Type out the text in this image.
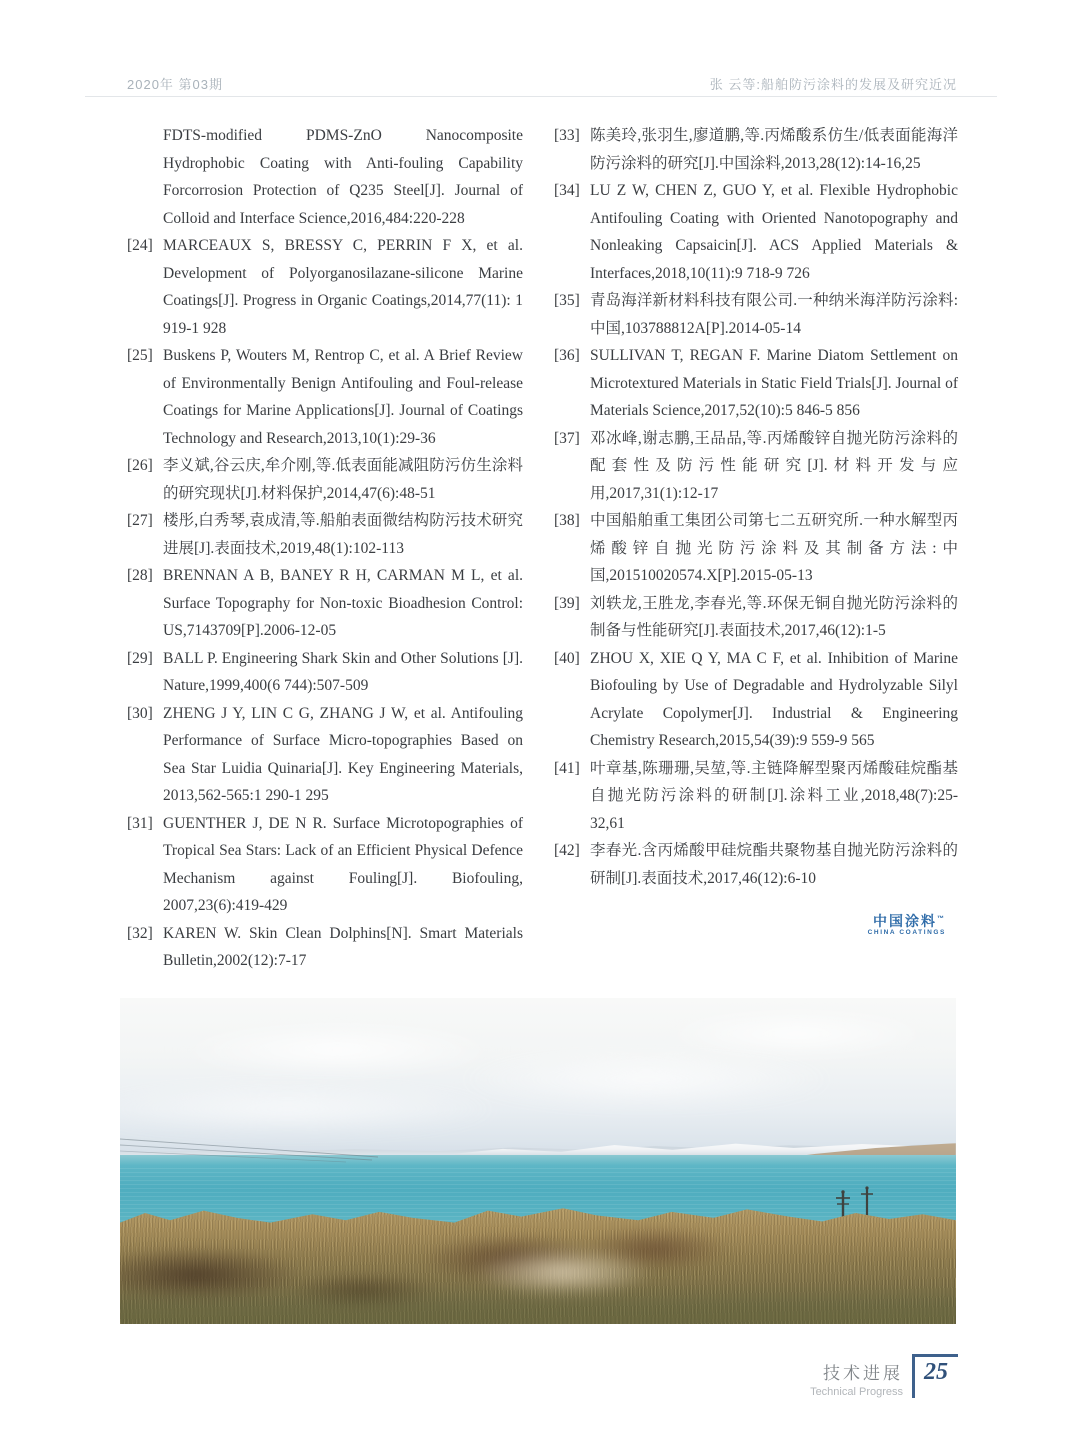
2020年 第03期	张 云等:船舶防污涂料的发展及研究近况
FDTS-modified PDMS-ZnO Nanocomposite Hydrophobic Coating with Anti-fouling Capability Forcorrosion Protection of Q235 Steel[J]. Journal of Colloid and Interface Science,2016,484:220-228
[24] MARCEAUX S, BRESSY C, PERRIN F X, et al. Development of Polyorganosilazane-silicone Marine Coatings[J]. Progress in Organic Coatings,2014,77(11): 1 919-1 928
[25] Buskens P, Wouters M, Rentrop C, et al. A Brief Review of Environmentally Benign Antifouling and Foul-release Coatings for Marine Applications[J]. Journal of Coatings Technology and Research,2013,10(1):29-36
[26] 李义斌,谷云庆,牟介刚,等.低表面能减阻防污仿生涂料的研究现状[J].材料保护,2014,47(6):48-51
[27] 楼彤,白秀琴,袁成清,等.船舶表面微结构防污技术研究进展[J].表面技术,2019,48(1):102-113
[28] BRENNAN A B, BANEY R H, CARMAN M L, et al. Surface Topography for Non-toxic Bioadhesion Control: US,7143709[P].2006-12-05
[29] BALL P. Engineering Shark Skin and Other Solutions [J]. Nature,1999,400(6 744):507-509
[30] ZHENG J Y, LIN C G, ZHANG J W, et al. Antifouling Performance of Surface Micro-topographies Based on Sea Star Luidia Quinaria[J]. Key Engineering Materials, 2013,562-565:1 290-1 295
[31] GUENTHER J, DE N R. Surface Microtopographies of Tropical Sea Stars: Lack of an Efficient Physical Defence Mechanism against Fouling[J]. Biofouling, 2007,23(6):419-429
[32] KAREN W. Skin Clean Dolphins[N]. Smart Materials Bulletin,2002(12):7-17
[33] 陈美玲,张羽生,廖道鹏,等.丙烯酸系仿生/低表面能海洋防污涂料的研究[J].中国涂料,2013,28(12):14-16,25
[34] LU Z W, CHEN Z, GUO Y, et al. Flexible Hydrophobic Antifouling Coating with Oriented Nanotopography and Nonleaking Capsaicin[J]. ACS Applied Materials & Interfaces,2018,10(11):9 718-9 726
[35] 青岛海洋新材料科技有限公司.一种纳米海洋防污涂料:中国,103788812A[P].2014-05-14
[36] SULLIVAN T, REGAN F. Marine Diatom Settlement on Microtextured Materials in Static Field Trials[J]. Journal of Materials Science,2017,52(10):5 846-5 856
[37] 邓冰峰,谢志鹏,王品品,等.丙烯酸锌自抛光防污涂料的配套性及防污性能研究[J].材料开发与应用,2017,31(1):12-17
[38] 中国船舶重工集团公司第七二五研究所.一种水解型丙烯酸锌自抛光防污涂料及其制备方法:中国,201510020574.X[P].2015-05-13
[39] 刘轶龙,王胜龙,李春光,等.环保无铜自抛光防污涂料的制备与性能研究[J].表面技术,2017,46(12):1-5
[40] ZHOU X, XIE Q Y, MA C F, et al. Inhibition of Marine Biofouling by Use of Degradable and Hydrolyzable Silyl Acrylate Copolymer[J]. Industrial & Engineering Chemistry Research,2015,54(39):9 559-9 565
[41] 叶章基,陈珊珊,吴堃,等.主链降解型聚丙烯酸硅烷酯基自抛光防污涂料的研制[J].涂料工业,2018,48(7):25-32,61
[42] 李春光.含丙烯酸甲硅烷酯共聚物基自抛光防污涂料的研制[J].表面技术,2017,46(12):6-10
中国涂料™
CHINA COATINGS
技术进展
Technical Progress
25
